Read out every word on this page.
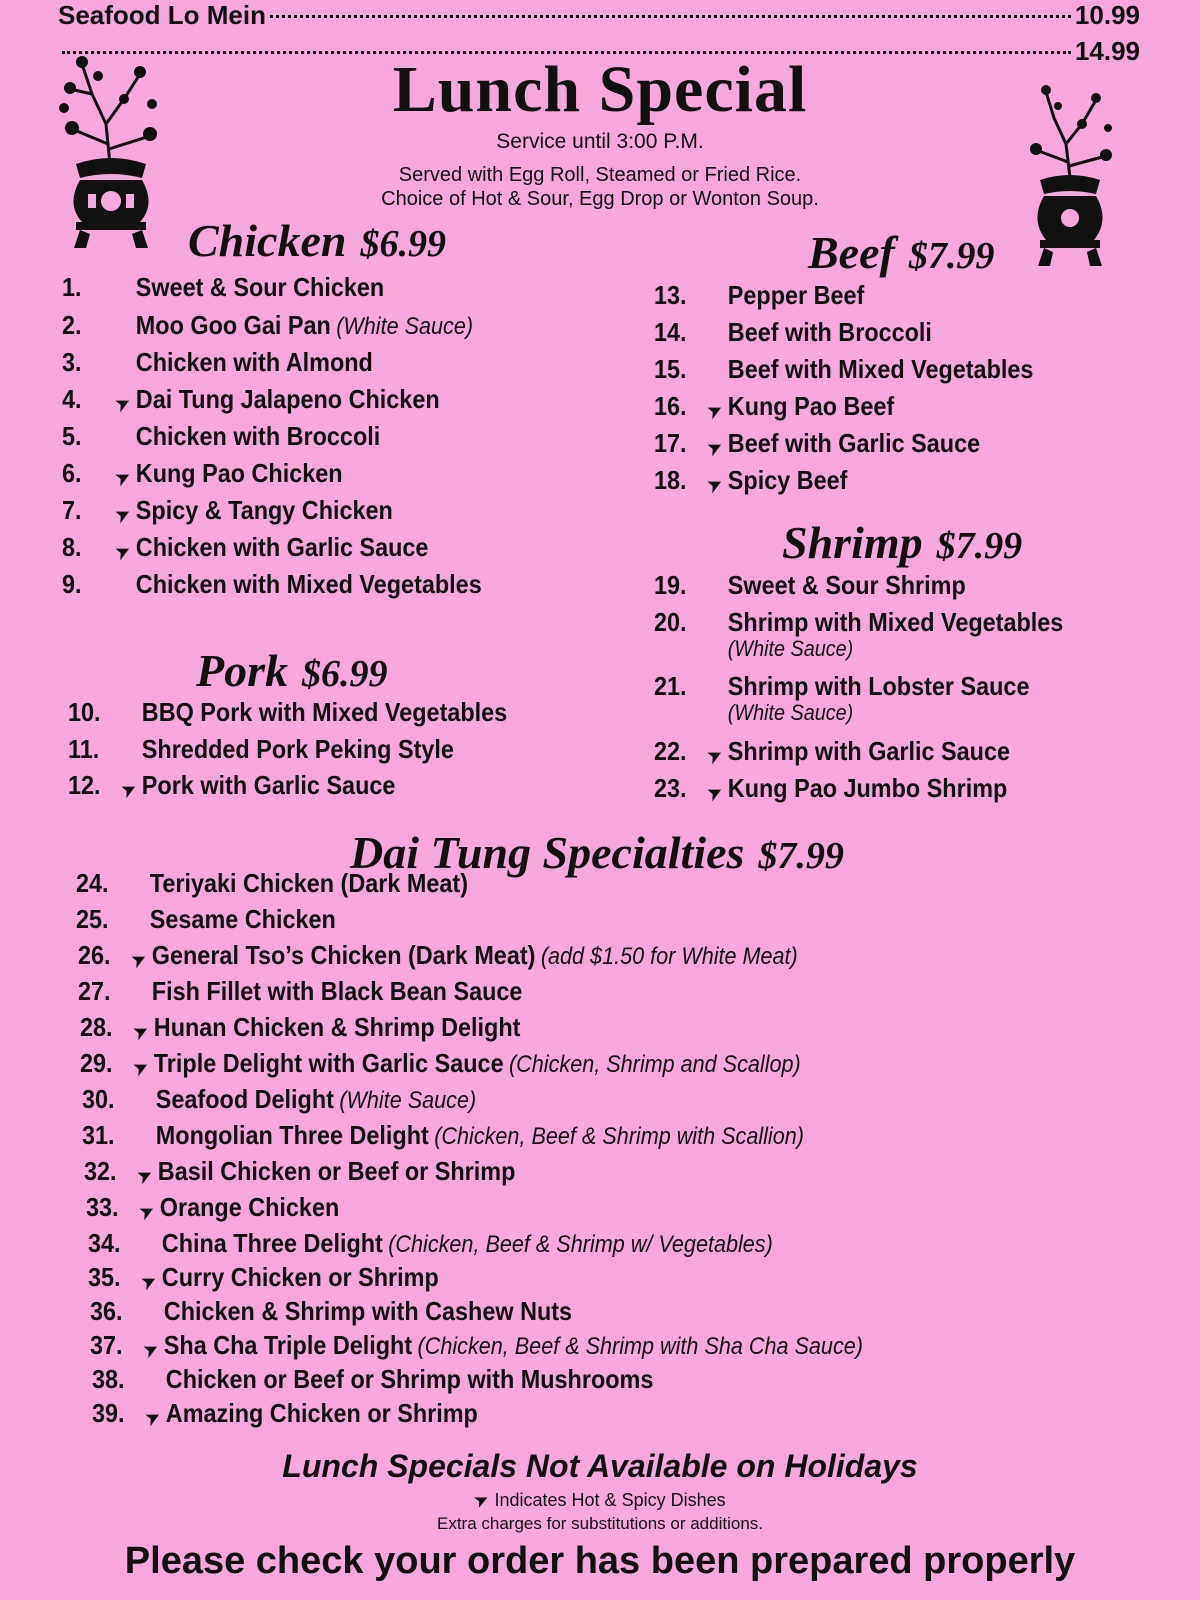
Seafood Lo Mein	10.99
14.99
Lunch Special
Service until 3:00 P.M.
Served with Egg Roll, Steamed or Fried Rice.
Choice of Hot & Sour, Egg Drop or Wonton Soup.
Chicken $6.99
Pork $6.99
Beef $7.99
Shrimp $7.99
Dai Tung Specialties $7.99
1. Sweet & Sour Chicken
2. Moo Goo Gai Pan (White Sauce)
3. Chicken with Almond
4. ➤ Dai Tung Jalapeno Chicken
5. Chicken with Broccoli
6. ➤ Kung Pao Chicken
7. ➤ Spicy & Tangy Chicken
8. ➤ Chicken with Garlic Sauce
9. Chicken with Mixed Vegetables
10. BBQ Pork with Mixed Vegetables
11. Shredded Pork Peking Style
12. ➤ Pork with Garlic Sauce
13. Pepper Beef
14. Beef with Broccoli
15. Beef with Mixed Vegetables
16. ➤ Kung Pao Beef
17. ➤ Beef with Garlic Sauce
18. ➤ Spicy Beef
19. Sweet & Sour Shrimp
20. Shrimp with Mixed Vegetables
(White Sauce)
21. Shrimp with Lobster Sauce
(White Sauce)
22. ➤ Shrimp with Garlic Sauce
23. ➤ Kung Pao Jumbo Shrimp
24. Teriyaki Chicken (Dark Meat)
25. Sesame Chicken
26. ➤ General Tso’s Chicken (Dark Meat) (add $1.50 for White Meat)
27. Fish Fillet with Black Bean Sauce
28. ➤ Hunan Chicken & Shrimp Delight
29. ➤ Triple Delight with Garlic Sauce (Chicken, Shrimp and Scallop)
30. Seafood Delight (White Sauce)
31. Mongolian Three Delight (Chicken, Beef & Shrimp with Scallion)
32. ➤ Basil Chicken or Beef or Shrimp
33. ➤ Orange Chicken
34. China Three Delight (Chicken, Beef & Shrimp w/ Vegetables)
35. ➤ Curry Chicken or Shrimp
36. Chicken & Shrimp with Cashew Nuts
37. ➤ Sha Cha Triple Delight (Chicken, Beef & Shrimp with Sha Cha Sauce)
38. Chicken or Beef or Shrimp with Mushrooms
39. ➤ Amazing Chicken or Shrimp
Lunch Specials Not Available on Holidays
➤ Indicates Hot & Spicy Dishes
Extra charges for substitutions or additions.
Please check your order has been prepared properly
